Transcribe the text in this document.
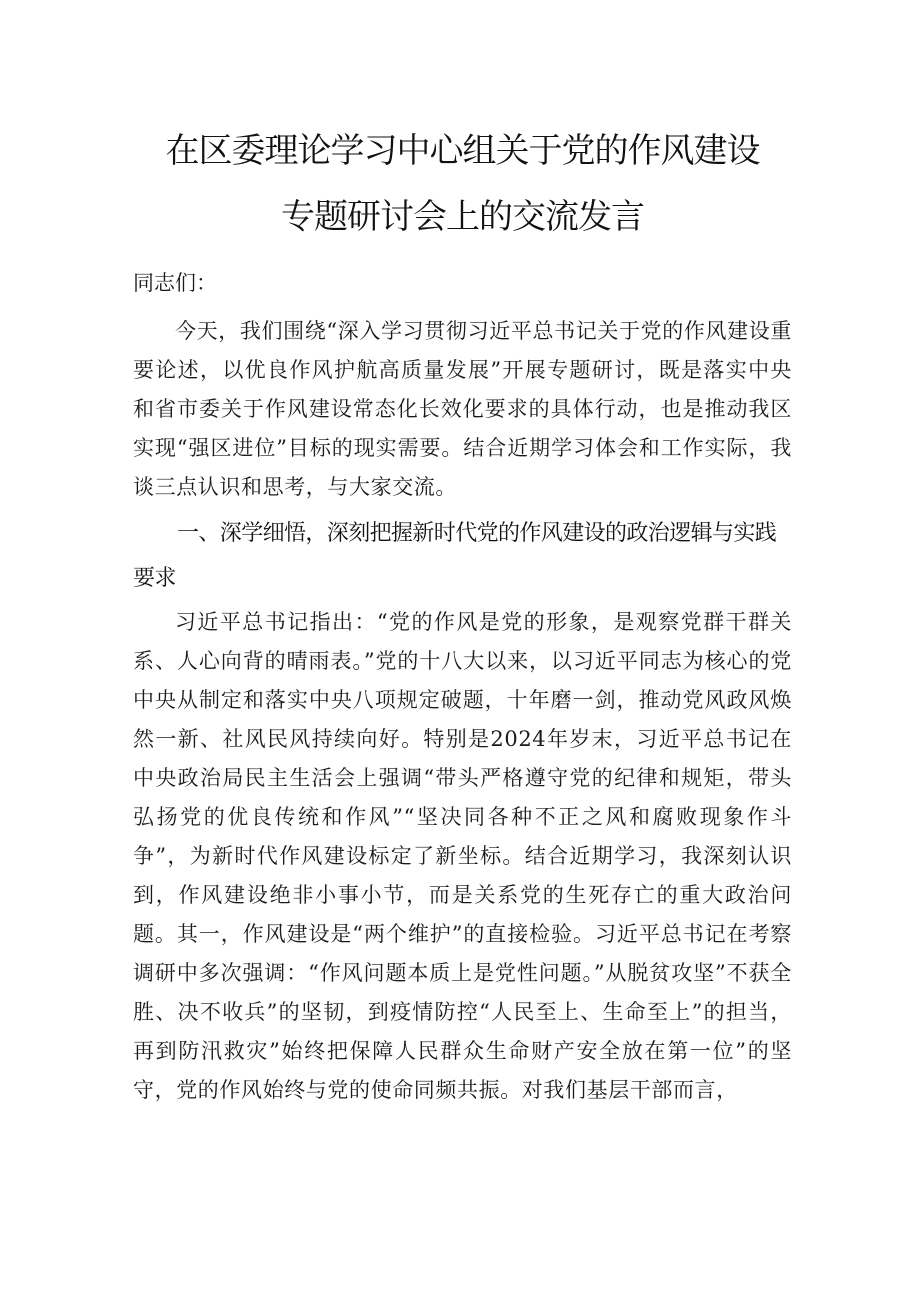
在区委理论学习中心组关于党的作风建设
专题研讨会上的交流发言

同志们：

今天，我们围绕“深入学习贯彻习近平总书记关于党的作风建设重要论述，以优良作风护航高质量发展”开展专题研讨，既是落实中央和省市委关于作风建设常态化长效化要求的具体行动，也是推动我区实现“强区进位”目标的现实需要。结合近期学习体会和工作实际，我谈三点认识和思考，与大家交流。

一、深学细悟，深刻把握新时代党的作风建设的政治逻辑与实践要求

习近平总书记指出：“党的作风是党的形象，是观察党群干群关系、人心向背的晴雨表。”党的十八大以来，以习近平同志为核心的党中央从制定和落实中央八项规定破题，十年磨一剑，推动党风政风焕然一新、社风民风持续向好。特别是2024年岁末，习近平总书记在中央政治局民主生活会上强调“带头严格遵守党的纪律和规矩，带头弘扬党的优良传统和作风”“坚决同各种不正之风和腐败现象作斗争”，为新时代作风建设标定了新坐标。结合近期学习，我深刻认识到，作风建设绝非小事小节，而是关系党的生死存亡的重大政治问题。其一，作风建设是“两个维护”的直接检验。习近平总书记在考察调研中多次强调：“作风问题本质上是党性问题。”从脱贫攻坚”不获全胜、决不收兵”的坚韧，到疫情防控“人民至上、生命至上”的担当，再到防汛救灾”始终把保障人民群众生命财产安全放在第一位”的坚守，党的作风始终与党的使命同频共振。对我们基层干部而言，
